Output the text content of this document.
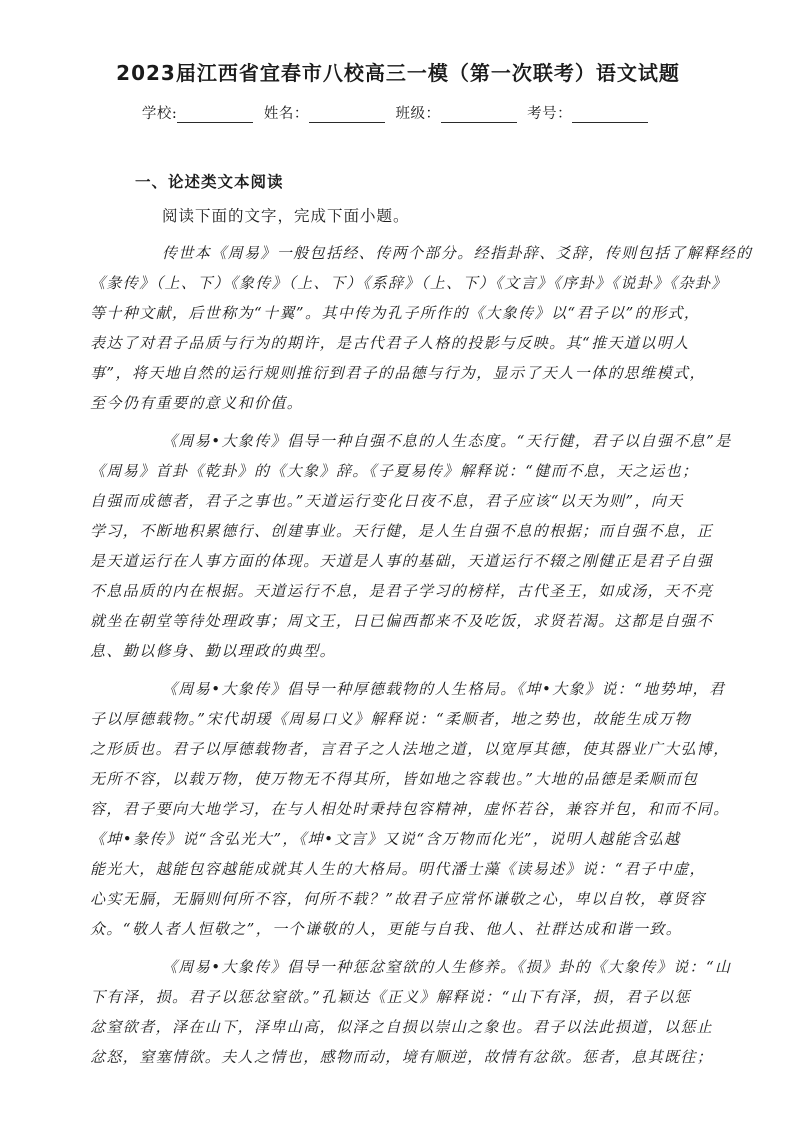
2023届江西省宜春市八校高三一模（第一次联考）语文试题
学校:	姓名：	班级：	考号：
一、论述类文本阅读
阅读下面的文字，完成下面小题。
传世本《周易》一般包括经、传两个部分。经指卦辞、爻辞，传则包括了解释经的
《彖传》（上、下）《象传》（上、下）《系辞》（上、下）《文言》《序卦》《说卦》《杂卦》
等十种文献，后世称为“十翼”。其中传为孔子所作的《大象传》以“君子以”的形式，
表达了对君子品质与行为的期许，是古代君子人格的投影与反映。其“推天道以明人
事”，将天地自然的运行规则推衍到君子的品德与行为，显示了天人一体的思维模式，
至今仍有重要的意义和价值。
《周易•大象传》倡导一种自强不息的人生态度。“天行健，君子以自强不息”是
《周易》首卦《乾卦》的《大象》辞。《子夏易传》解释说：“健而不息，天之运也；
自强而成德者，君子之事也。”天道运行变化日夜不息，君子应该“以天为则”，向天
学习，不断地积累德行、创建事业。天行健，是人生自强不息的根据；而自强不息，正
是天道运行在人事方面的体现。天道是人事的基础，天道运行不辍之刚健正是君子自强
不息品质的内在根据。天道运行不息，是君子学习的榜样，古代圣王，如成汤，天不亮
就坐在朝堂等待处理政事；周文王，日已偏西都来不及吃饭，求贤若渴。这都是自强不
息、勤以修身、勤以理政的典型。
《周易•大象传》倡导一种厚德载物的人生格局。《坤•大象》说：“地势坤，君
子以厚德载物。”宋代胡瑗《周易口义》解释说：“柔顺者，地之势也，故能生成万物
之形质也。君子以厚德载物者，言君子之人法地之道，以宽厚其德，使其器业广大弘博，
无所不容，以载万物，使万物无不得其所，皆如地之容载也。”大地的品德是柔顺而包
容，君子要向大地学习，在与人相处时秉持包容精神，虚怀若谷，兼容并包，和而不同。
《坤•彖传》说“含弘光大”，《坤•文言》又说“含万物而化光”，说明人越能含弘越
能光大，越能包容越能成就其人生的大格局。明代潘士藻《读易述》说：“君子中虚，
心实无膈，无膈则何所不容，何所不载？”故君子应常怀谦敬之心，卑以自牧，尊贤容
众。“敬人者人恒敬之”，一个谦敬的人，更能与自我、他人、社群达成和谐一致。
《周易•大象传》倡导一种惩忿窒欲的人生修养。《损》卦的《大象传》说：“山
下有泽，损。君子以惩忿窒欲。”孔颖达《正义》解释说：“山下有泽，损，君子以惩
忿窒欲者，泽在山下，泽卑山高，似泽之自损以崇山之象也。君子以法此损道，以惩止
忿怒，窒塞情欲。夫人之情也，感物而动，境有顺逆，故情有忿欲。惩者，息其既往；
